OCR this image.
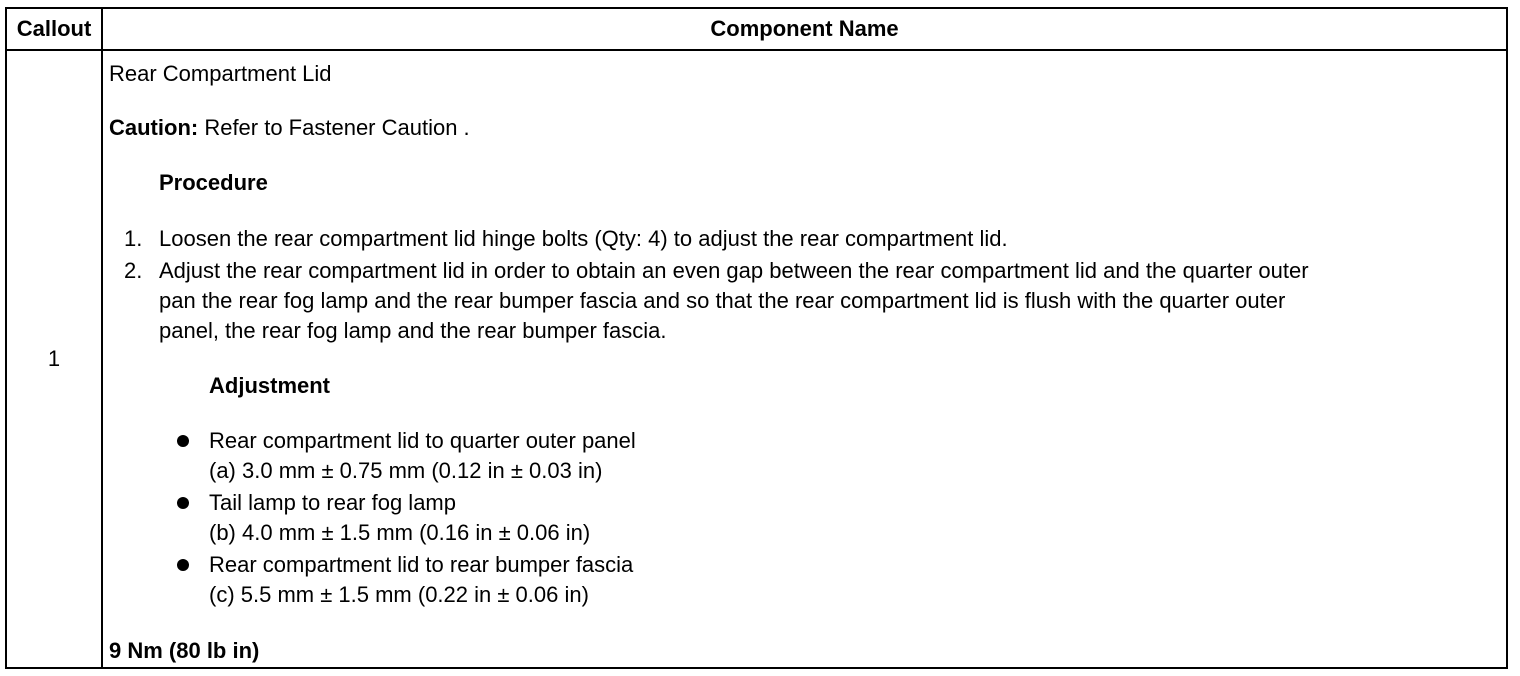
Callout	Component Name
1
Rear Compartment Lid
Caution: Refer to Fastener Caution .
Procedure
1. Loosen the rear compartment lid hinge bolts (Qty: 4) to adjust the rear compartment lid.
2. Adjust the rear compartment lid in order to obtain an even gap between the rear compartment lid and the quarter outer
pan the rear fog lamp and the rear bumper fascia and so that the rear compartment lid is flush with the quarter outer
panel, the rear fog lamp and the rear bumper fascia.
Adjustment
Rear compartment lid to quarter outer panel
(a) 3.0 mm ± 0.75 mm (0.12 in ± 0.03 in)
Tail lamp to rear fog lamp
(b) 4.0 mm ± 1.5 mm (0.16 in ± 0.06 in)
Rear compartment lid to rear bumper fascia
(c) 5.5 mm ± 1.5 mm (0.22 in ± 0.06 in)
9 Nm (80 lb in)
